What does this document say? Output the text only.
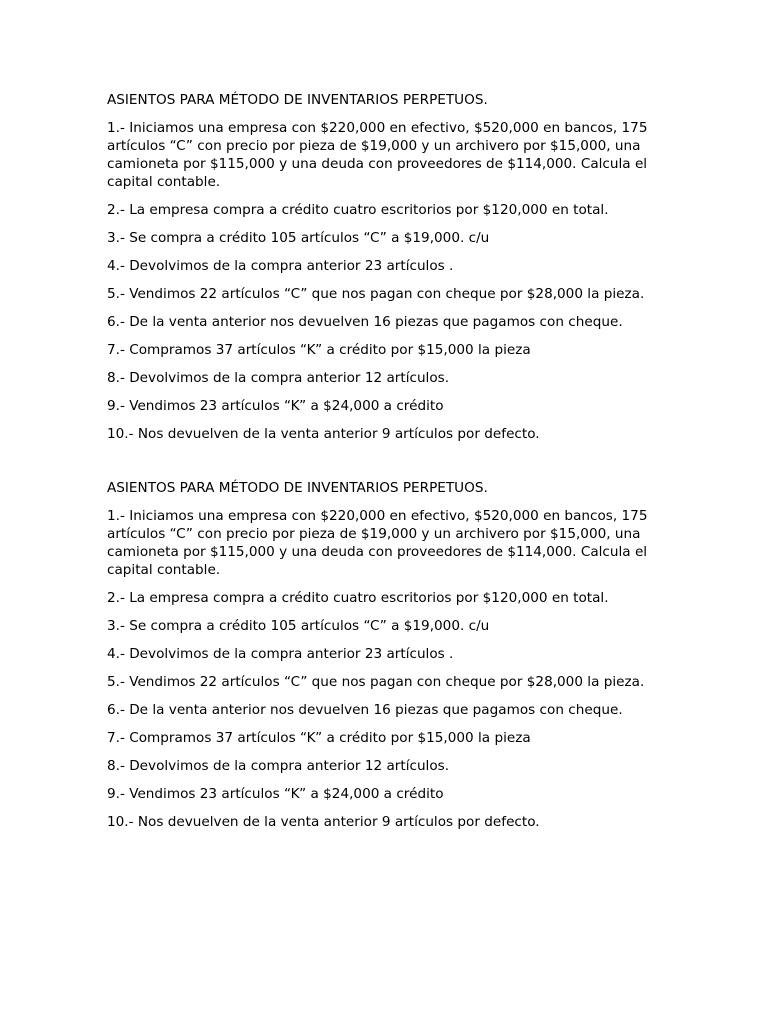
ASIENTOS PARA MÉTODO DE INVENTARIOS PERPETUOS.

1.- Iniciamos una empresa con $220,000 en efectivo, $520,000 en bancos, 175 artículos “C” con precio por pieza de $19,000 y un archivero por $15,000, una camioneta por $115,000 y una deuda con proveedores de $114,000. Calcula el capital contable.

2.- La empresa compra a crédito cuatro escritorios por $120,000 en total.

3.- Se compra a crédito 105 artículos “C” a $19,000. c/u

4.- Devolvimos de la compra anterior 23 artículos .

5.- Vendimos 22 artículos “C” que nos pagan con cheque por $28,000 la pieza.

6.- De la venta anterior nos devuelven 16 piezas que pagamos con cheque.

7.- Compramos 37 artículos “K” a crédito por $15,000 la pieza

8.- Devolvimos de la compra anterior 12 artículos.

9.- Vendimos 23 artículos “K” a $24,000 a crédito

10.- Nos devuelven de la venta anterior 9 artículos por defecto.

ASIENTOS PARA MÉTODO DE INVENTARIOS PERPETUOS.

1.- Iniciamos una empresa con $220,000 en efectivo, $520,000 en bancos, 175 artículos “C” con precio por pieza de $19,000 y un archivero por $15,000, una camioneta por $115,000 y una deuda con proveedores de $114,000. Calcula el capital contable.

2.- La empresa compra a crédito cuatro escritorios por $120,000 en total.

3.- Se compra a crédito 105 artículos “C” a $19,000. c/u

4.- Devolvimos de la compra anterior 23 artículos .

5.- Vendimos 22 artículos “C” que nos pagan con cheque por $28,000 la pieza.

6.- De la venta anterior nos devuelven 16 piezas que pagamos con cheque.

7.- Compramos 37 artículos “K” a crédito por $15,000 la pieza

8.- Devolvimos de la compra anterior 12 artículos.

9.- Vendimos 23 artículos “K” a $24,000 a crédito

10.- Nos devuelven de la venta anterior 9 artículos por defecto.
